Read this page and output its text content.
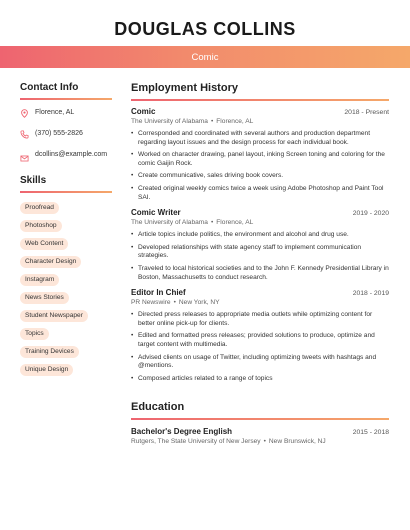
DOUGLAS COLLINS
Comic
Contact Info
Florence, AL
(370) 555-2826
dcollins@example.com
Skills
Proofread
Photoshop
Web Content
Character Design
Instagram
News Stories
Student Newspaper
Topics
Training Devices
Unique Design
Employment History
Comic	2018 - Present
The University of Alabama • Florence, AL
• Corresponded and coordinated with several authors and production department regarding layout issues and the design process for each individual book.
• Worked on character drawing, panel layout, inking Screen toning and coloring for the comic Gaijin Rock.
• Create communicative, sales driving book covers.
• Created original weekly comics twice a week using Adobe Photoshop and Paint Tool SAI.
Comic Writer	2019 - 2020
The University of Alabama • Florence, AL
• Article topics include politics, the environment and alcohol and drug use.
• Developed relationships with state agency staff to implement communication strategies.
• Traveled to local historical societies and to the John F. Kennedy Presidential Library in Boston, Massachusetts to conduct research.
Editor In Chief	2018 - 2019
PR Newswire • New York, NY
• Directed press releases to appropriate media outlets while optimizing content for better online pick-up for clients.
• Edited and formatted press releases; provided solutions to produce, optimize and target content with multimedia.
• Advised clients on usage of Twitter, including optimizing tweets with hashtags and @mentions.
• Composed articles related to a range of topics
Education
Bachelor's Degree English	2015 - 2018
Rutgers, The State University of New Jersey • New Brunswick, NJ
